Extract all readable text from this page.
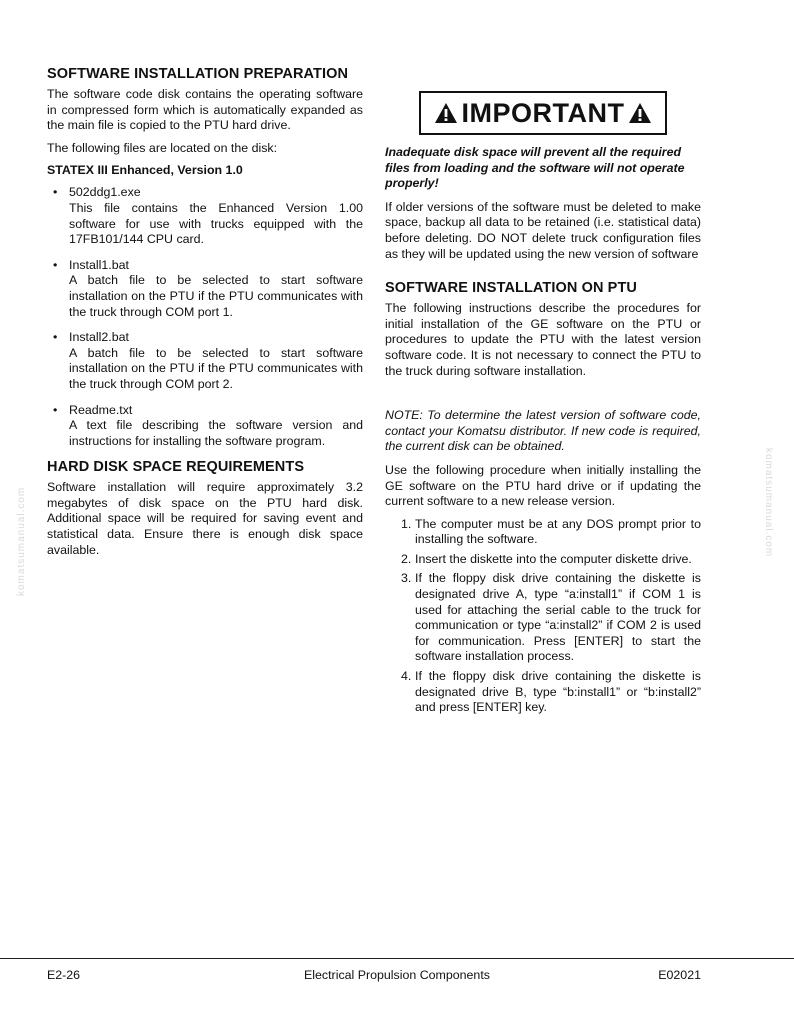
komatsumanual.com	komatsumanual.com
SOFTWARE INSTALLATION PREPARATION

The software code disk contains the operating software in compressed form which is automatically expanded as the main file is copied to the PTU hard drive.

The following files are located on the disk:

STATEX III Enhanced, Version 1.0
• 502ddg1.exe
This file contains the Enhanced Version 1.00 software for use with trucks equipped with the 17FB101/144 CPU card.
• Install1.bat
A batch file to be selected to start software installation on the PTU if the PTU communicates with the truck through COM port 1.
• Install2.bat
A batch file to be selected to start software installation on the PTU if the PTU communicates with the truck through COM port 2.
• Readme.txt
A text file describing the software version and instructions for installing the software program.
HARD DISK SPACE REQUIREMENTS

Software installation will require approximately 3.2 megabytes of disk space on the PTU hard disk. Additional space will be required for saving event and statistical data. Ensure there is enough disk space available.

IMPORTANT
Inadequate disk space will prevent all the required files from loading and the software will not operate properly!

If older versions of the software must be deleted to make space, backup all data to be retained (i.e. statistical data) before deleting. DO NOT delete truck configuration files as they will be updated using the new version of software

SOFTWARE INSTALLATION ON PTU

The following instructions describe the procedures for initial installation of the GE software on the PTU or procedures to update the PTU with the latest version software code. It is not necessary to connect the PTU to the truck during software installation.

NOTE: To determine the latest version of software code, contact your Komatsu distributor. If new code is required, the current disk can be obtained.

Use the following procedure when initially installing the GE software on the PTU hard drive or if updating the current software to a new release version.

1. The computer must be at any DOS prompt prior to installing the software.
2. Insert the diskette into the computer diskette drive.
3. If the floppy disk drive containing the diskette is designated drive A, type “a:install1” if COM 1 is used for attaching the serial cable to the truck for communication or type “a:install2” if COM 2 is used for communication. Press [ENTER] to start the software installation process.
4. If the floppy disk drive containing the diskette is designated drive B, type “b:install1” or “b:install2” and press [ENTER] key.
E2-26	Electrical Propulsion Components	E02021
